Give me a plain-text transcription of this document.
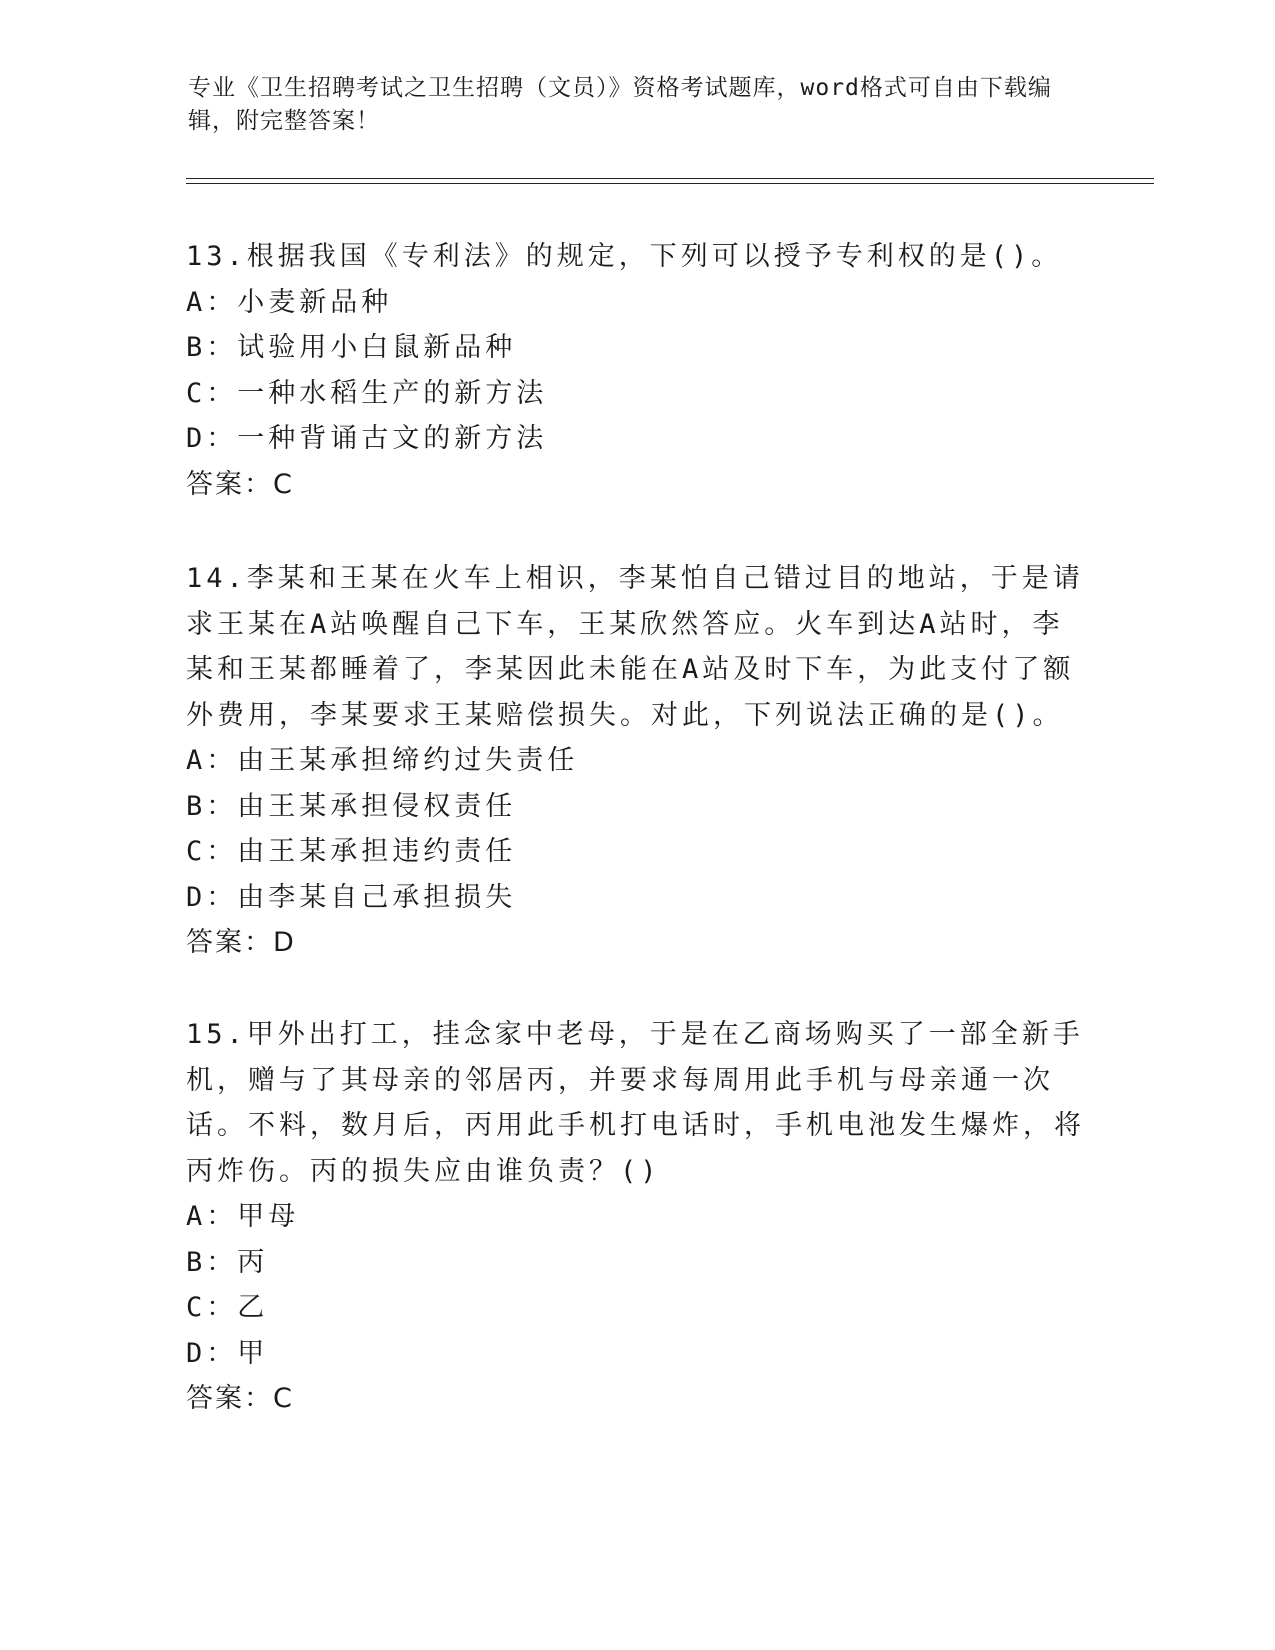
专业《卫生招聘考试之卫生招聘（文员）》资格考试题库，word格式可自由下载编辑，附完整答案！

13.根据我国《专利法》的规定，下列可以授予专利权的是()。

A：小麦新品种

B：试验用小白鼠新品种

C：一种水稻生产的新方法

D：一种背诵古文的新方法

答案：C

14.李某和王某在火车上相识，李某怕自己错过目的地站，于是请求王某在A站唤醒自己下车，王某欣然答应。火车到达A站时，李某和王某都睡着了，李某因此未能在A站及时下车，为此支付了额外费用，李某要求王某赔偿损失。对此，下列说法正确的是()。

A：由王某承担缔约过失责任

B：由王某承担侵权责任

C：由王某承担违约责任

D：由李某自己承担损失

答案：D

15.甲外出打工，挂念家中老母，于是在乙商场购买了一部全新手机，赠与了其母亲的邻居丙，并要求每周用此手机与母亲通一次话。不料，数月后，丙用此手机打电话时，手机电池发生爆炸，将丙炸伤。丙的损失应由谁负责？()

A：甲母

B：丙

C：乙

D：甲

答案：C
